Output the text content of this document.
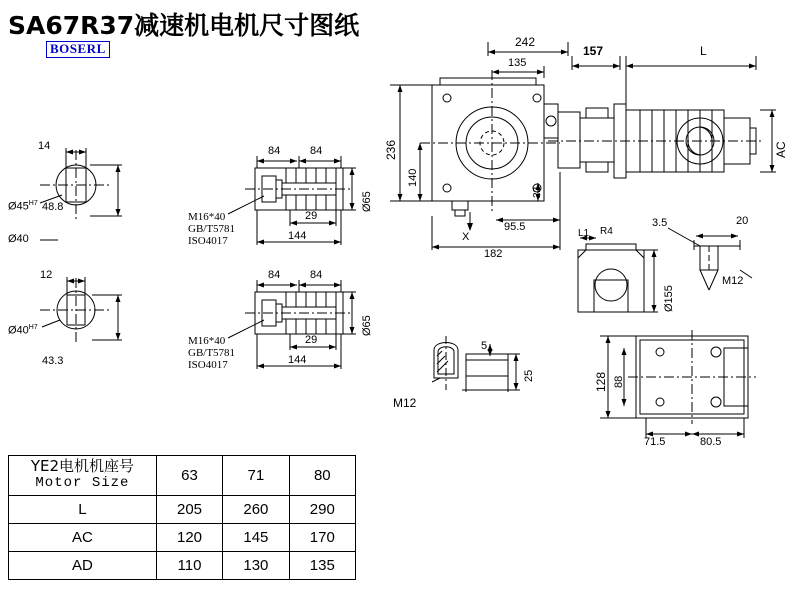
SA67R37减速机电机尺寸图纸
BOSERL
14
$Ø45^{H7}$
Ø40
48.8
12
$Ø40^{H7}$
43.3
84	84
29
144
Ø65
M16*40
GB/T5781
ISO4017
84	84
29
144
Ø65
M16*40
GB/T5781
ISO4017
242
135
157	L
236
140
AC
22
X
95.5
182
L1 R4
3.5	20
Ø155
M12
128 88
71.5	80.5
5
25
M12
YE2电机机座号
Motor Size	63	71	80
L	205	260	290
AC	120	145	170
AD	110	130	135
